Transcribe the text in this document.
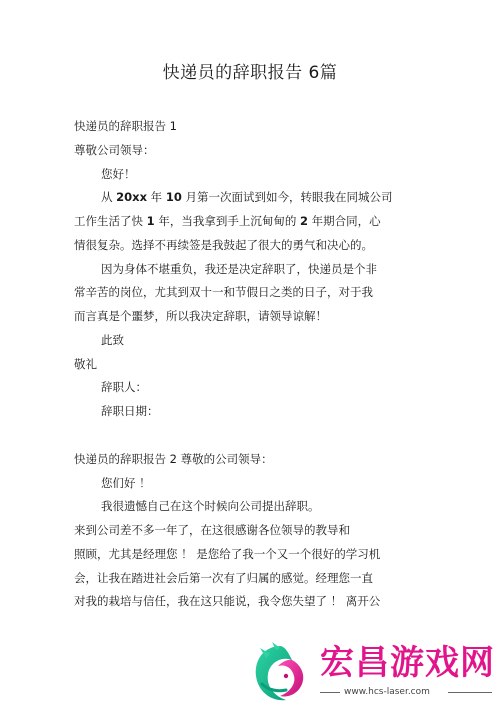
快递员的辞职报告 6篇
快递员的辞职报告 1
尊敬公司领导：
您好！
从 20xx 年 10 月第一次面试到如今，转眼我在同城公司
工作生活了快 1 年，当我拿到手上沉甸甸的 2 年期合同，心
情很复杂。选择不再续签是我鼓起了很大的勇气和决心的。
因为身体不堪重负，我还是决定辞职了，快递员是个非
常辛苦的岗位，尤其到双十一和节假日之类的日子，对于我
而言真是个噩梦，所以我决定辞职，请领导谅解！
此致
敬礼
辞职人：
辞职日期：
快递员的辞职报告 2 尊敬的公司领导：
您们好 ！
我很遗憾自己在这个时候向公司提出辞职。
来到公司差不多一年了，在这很感谢各位领导的教导和
照顾，尤其是经理您 ！ 是您给了我一个又一个很好的学习机
会，让我在踏进社会后第一次有了归属的感觉。经理您一直
对我的栽培与信任，我在这只能说，我令您失望了 ！ 离开公
宏昌游戏网
www.hcs-laser.com
